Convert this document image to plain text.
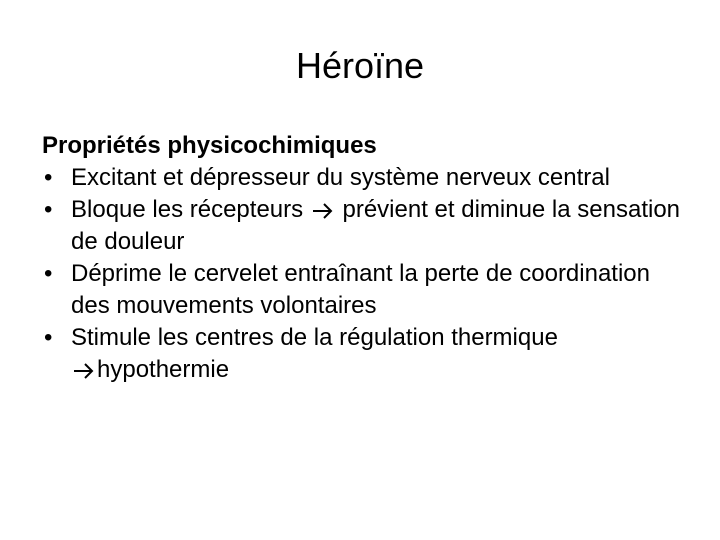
Héroïne

Propriétés physicochimiques

• Excitant et dépresseur du système nerveux central
• Bloque les récepteurs prévient et diminue la sensation de douleur
• Déprime le cervelet entraînant la perte de coordination des mouvements volontaires
• Stimule les centres de la régulation thermique

hypothermie
